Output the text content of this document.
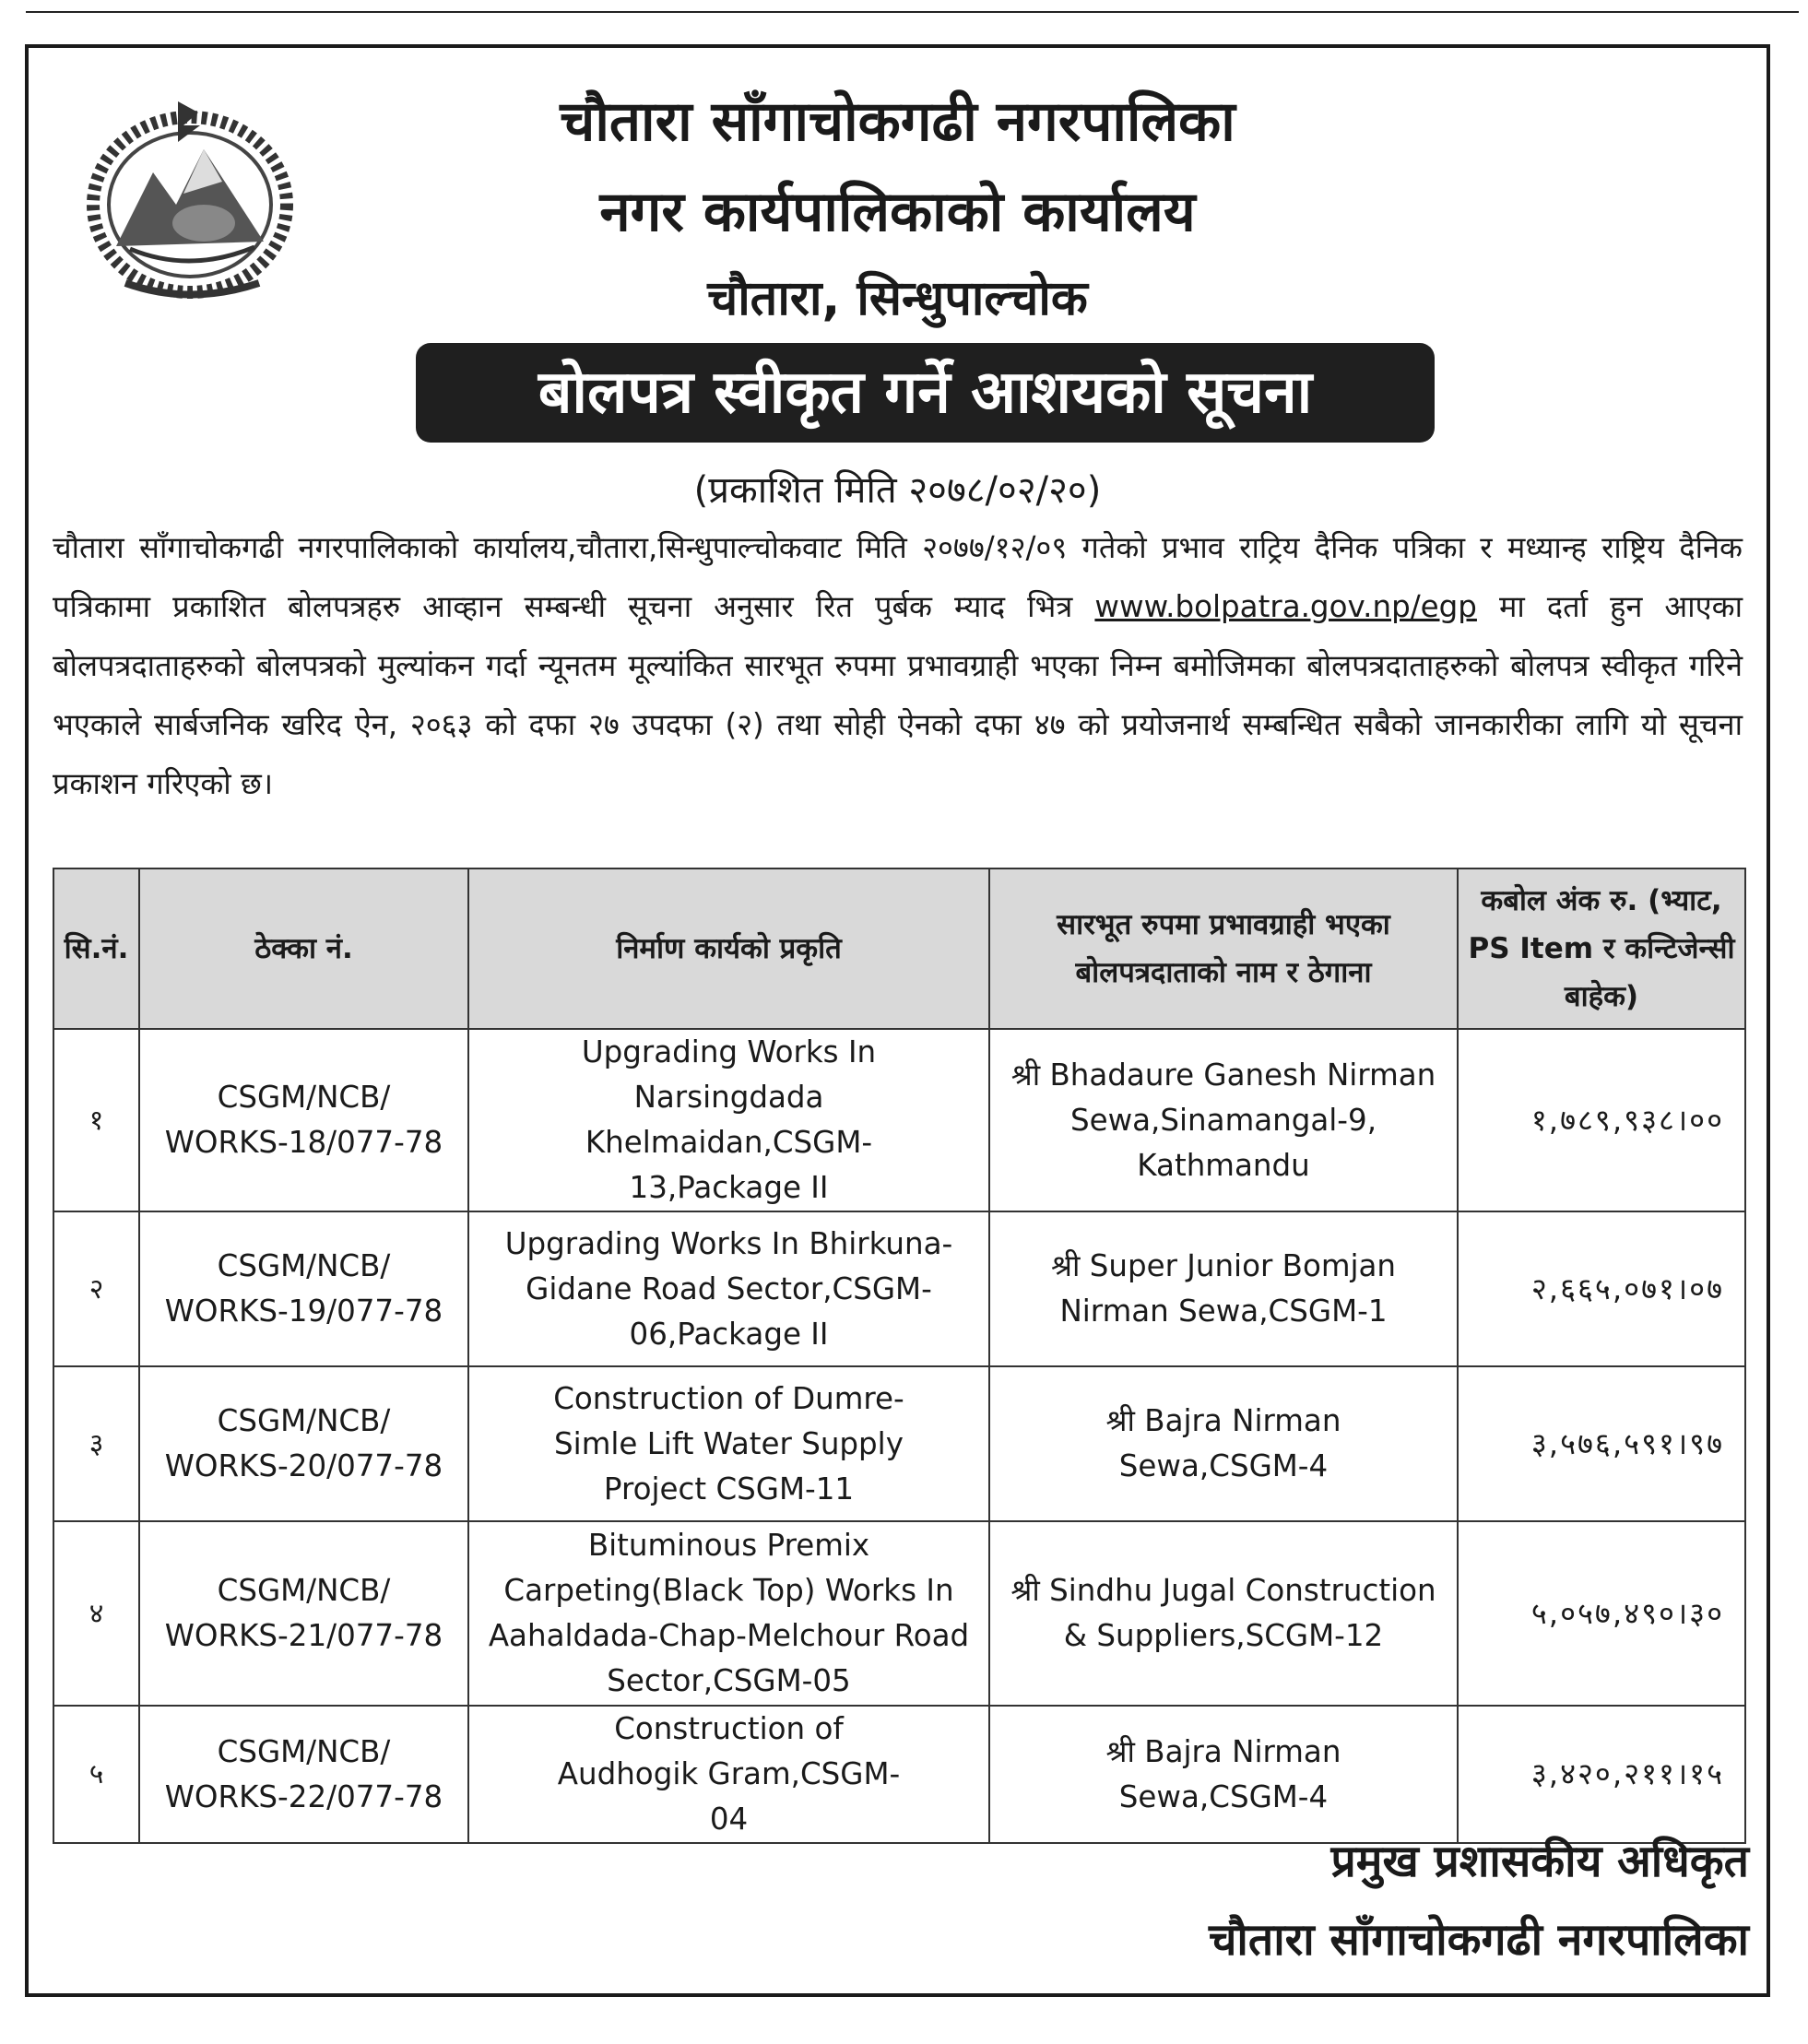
चौतारा साँगाचोकगढी नगरपालिका
नगर कार्यपालिकाको कार्यालय
चौतारा, सिन्धुपाल्चोक
बोलपत्र स्वीकृत गर्ने आशयको सूचना
(प्रकाशित मिति २०७८/०२/२०)
चौतारा साँगाचोकगढी नगरपालिकाको कार्यालय,चौतारा,सिन्धुपाल्चोकवाट मिति २०७७/१२/०९ गतेको प्रभाव राट्रिय दैनिक पत्रिका र मध्यान्ह राष्ट्रिय दैनिक पत्रिकामा प्रकाशित बोलपत्रहरु आव्हान सम्बन्धी सूचना अनुसार रित पुर्बक म्याद भित्र www.bolpatra.gov.np/egp मा दर्ता हुन आएका बोलपत्रदाताहरुको बोलपत्रको मुल्यांकन गर्दा न्यूनतम मूल्यांकित सारभूत रुपमा प्रभावग्राही भएका निम्न बमोजिमका बोलपत्रदाताहरुको बोलपत्र स्वीकृत गरिने भएकाले सार्बजनिक खरिद ऐन, २०६३ को दफा २७ उपदफा (२) तथा सोही ऐनको दफा ४७ को प्रयोजनार्थ सम्बन्धित सबैको जानकारीका लागि यो सूचना प्रकाशन गरिएको छ।
सि.नं.	ठेक्का नं.	निर्माण कार्यको प्रकृति	सारभूत रुपमा प्रभावग्राही भएका बोलपत्रदाताको नाम र ठेगाना	कबोल अंक रु. (भ्याट, PS Item र कन्टिजेन्सी बाहेक)
१	CSGM/NCB/
WORKS-18/077-78	Upgrading Works In Narsingdada Khelmaidan,CSGM-13,Package II	श्री Bhadaure Ganesh Nirman Sewa,Sinamangal-9, Kathmandu	१,७८९,९३८।००
२	CSGM/NCB/
WORKS-19/077-78	Upgrading Works In Bhirkuna-Gidane Road Sector,CSGM-06,Package II	श्री Super Junior Bomjan Nirman Sewa,CSGM-1	२,६६५,०७१।०७
३	CSGM/NCB/
WORKS-20/077-78	Construction of Dumre-Simle Lift Water Supply Project CSGM-11	श्री Bajra Nirman Sewa,CSGM-4	३,५७६,५९१।९७
४	CSGM/NCB/
WORKS-21/077-78	Bituminous Premix Carpeting(Black Top) Works In Aahaldada-Chap-Melchour Road Sector,CSGM-05	श्री Sindhu Jugal Construction & Suppliers,SCGM-12	५,०५७,४९०।३०
५	CSGM/NCB/
WORKS-22/077-78	Construction of Audhogik Gram,CSGM-04	श्री Bajra Nirman Sewa,CSGM-4	३,४२०,२११।१५
प्रमुख प्रशासकीय अधिकृत
चौतारा साँगाचोकगढी नगरपालिका
